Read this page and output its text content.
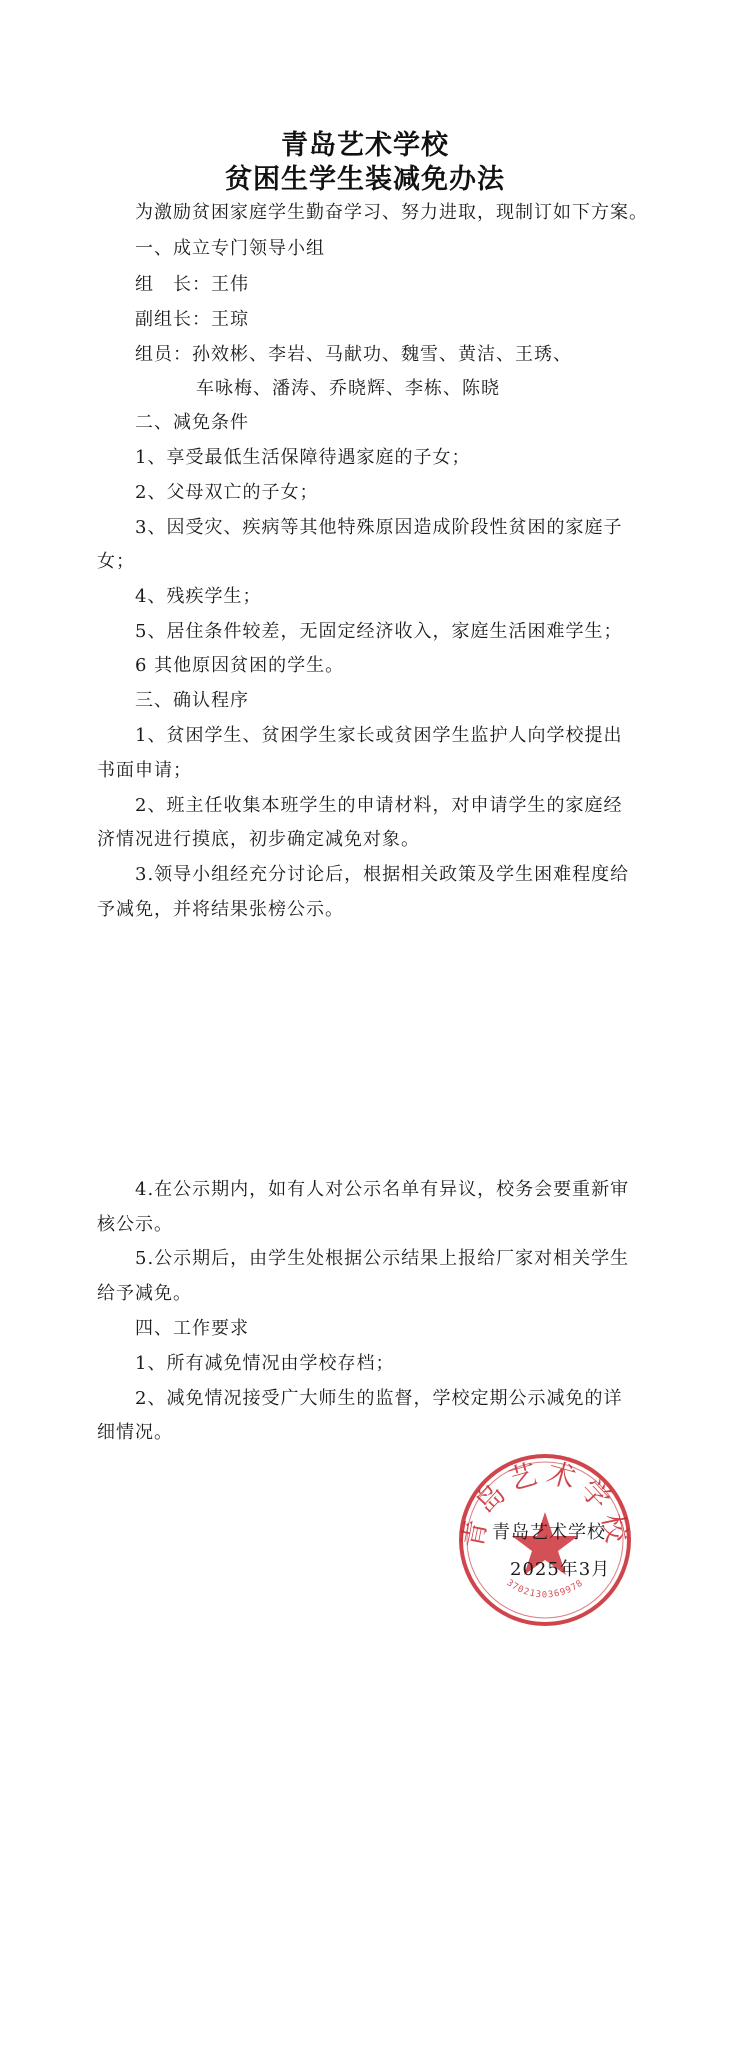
青岛艺术学校
贫困生学生装减免办法
为激励贫困家庭学生勤奋学习、努力进取，现制订如下方案。
一、成立专门领导小组
组　长：王伟
副组长：王琼
组员：孙效彬、李岩、马献功、魏雪、黄洁、王琇、
车咏梅、潘涛、乔晓辉、李栋、陈晓
二、减免条件
1、享受最低生活保障待遇家庭的子女；
2、父母双亡的子女；
3、因受灾、疾病等其他特殊原因造成阶段性贫困的家庭子
女；
4、残疾学生；
5、居住条件较差，无固定经济收入，家庭生活困难学生；
6 其他原因贫困的学生。
三、确认程序
1、贫困学生、贫困学生家长或贫困学生监护人向学校提出
书面申请；
2、班主任收集本班学生的申请材料，对申请学生的家庭经
济情况进行摸底，初步确定减免对象。
3.领导小组经充分讨论后，根据相关政策及学生困难程度给
予减免，并将结果张榜公示。
4.在公示期内，如有人对公示名单有异议，校务会要重新审
核公示。
5.公示期后，由学生处根据公示结果上报给厂家对相关学生
给予减免。
四、工作要求
1、所有减免情况由学校存档；
2、减免情况接受广大师生的监督，学校定期公示减免的详
细情况。
青岛艺术学校
3702130369978
青岛艺术学校
2025年3月
